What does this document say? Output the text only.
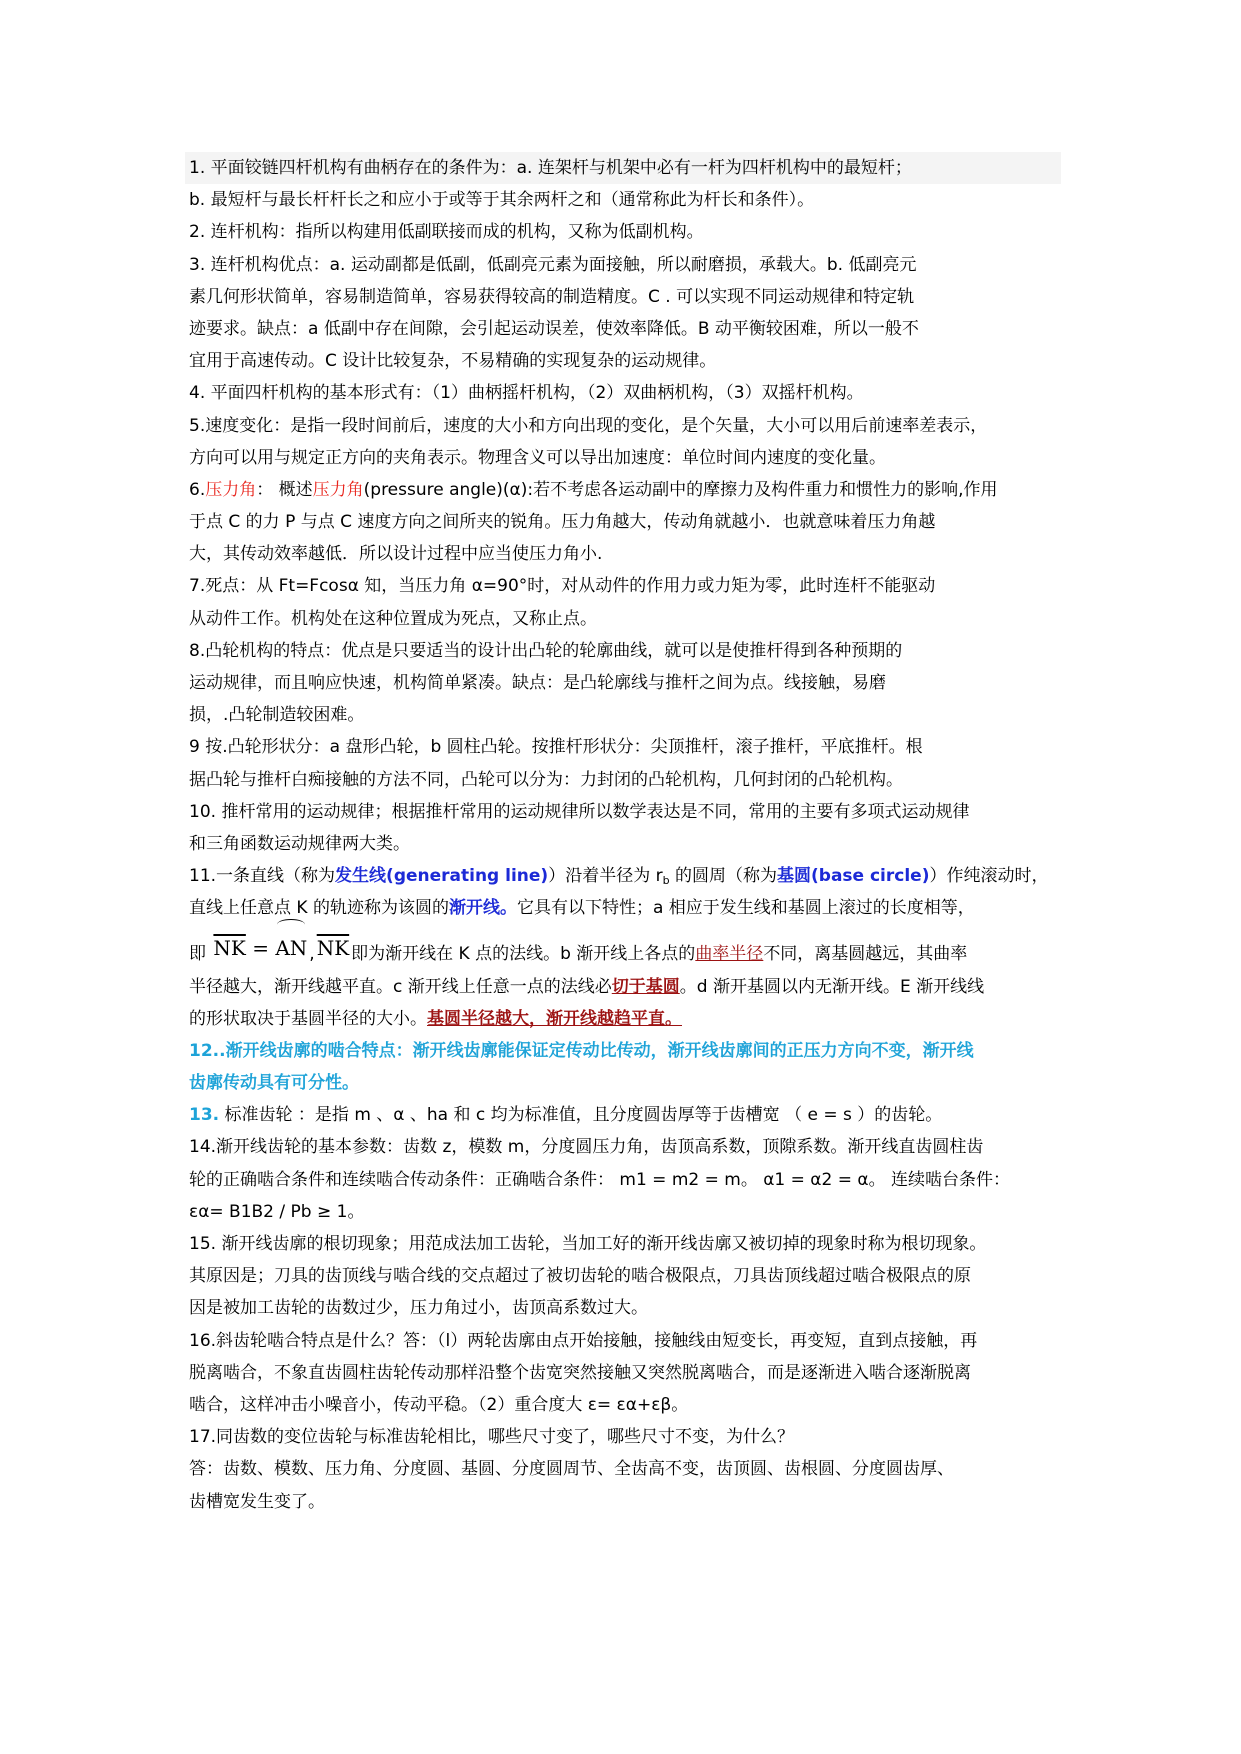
1. 平面铰链四杆机构有曲柄存在的条件为：a. 连架杆与机架中必有一杆为四杆机构中的最短杆；
b. 最短杆与最长杆杆长之和应小于或等于其余两杆之和（通常称此为杆长和条件）。
2. 连杆机构：指所以构建用低副联接而成的机构，又称为低副机构。
3. 连杆机构优点：a. 运动副都是低副，低副亮元素为面接触，所以耐磨损，承载大。b. 低副亮元
素几何形状简单，容易制造简单，容易获得较高的制造精度。C . 可以实现不同运动规律和特定轨
迹要求。缺点：a 低副中存在间隙，会引起运动误差，使效率降低。B 动平衡较困难，所以一般不
宜用于高速传动。C 设计比较复杂，不易精确的实现复杂的运动规律。
4. 平面四杆机构的基本形式有：（1）曲柄摇杆机构，（2）双曲柄机构，（3）双摇杆机构。
5.速度变化：是指一段时间前后，速度的大小和方向出现的变化，是个矢量，大小可以用后前速率差表示，
方向可以用与规定正方向的夹角表示。物理含义可以导出加速度：单位时间内速度的变化量。
6.压力角： 概述压力角(pressure angle)(α):若不考虑各运动副中的摩擦力及构件重力和惯性力的影响,作用
于点 C 的力 P 与点 C 速度方向之间所夹的锐角。压力角越大，传动角就越小．也就意味着压力角越
大，其传动效率越低．所以设计过程中应当使压力角小.
7.死点：从 Ft=Fcosα 知，当压力角 α=90°时，对从动件的作用力或力矩为零，此时连杆不能驱动
从动件工作。机构处在这种位置成为死点，又称止点。
8.凸轮机构的特点：优点是只要适当的设计出凸轮的轮廓曲线，就可以是使推杆得到各种预期的
运动规律，而且响应快速，机构简单紧凑。缺点：是凸轮廓线与推杆之间为点。线接触，易磨
损，.凸轮制造较困难。
9 按.凸轮形状分：a 盘形凸轮，b 圆柱凸轮。按推杆形状分：尖顶推杆，滚子推杆，平底推杆。根
据凸轮与推杆白痴接触的方法不同，凸轮可以分为：力封闭的凸轮机构，几何封闭的凸轮机构。
10. 推杆常用的运动规律；根据推杆常用的运动规律所以数学表达是不同，常用的主要有多项式运动规律
和三角函数运动规律两大类。
11.一条直线（称为发生线(generating line)）沿着半径为 $r_b$ 的圆周（称为基圆(base circle)）作纯滚动时，
直线上任意点 K 的轨迹称为该圆的渐开线。它具有以下特性；a 相应于发生线和基圆上滚过的长度相等，
即 $\overline{NK}$ = AN , $\overline{NK}$ 即为渐开线在 K 点的法线。b 渐开线上各点的曲率半径不同，离基圆越远，其曲率
半径越大，渐开线越平直。c 渐开线上任意一点的法线必切于基圆。d 渐开基圆以内无渐开线。E 渐开线线
的形状取决于基圆半径的大小。基圆半径越大，渐开线越趋平直。
12..渐开线齿廓的啮合特点：渐开线齿廓能保证定传动比传动，渐开线齿廓间的正压力方向不变，渐开线
齿廓传动具有可分性。
13. 标准齿轮 ：是指 m 、α 、ha 和 c 均为标准值，且分度圆齿厚等于齿槽宽 （ e = s ）的齿轮。
14.渐开线齿轮的基本参数：齿数 z，模数 m，分度圆压力角，齿顶高系数，顶隙系数。渐开线直齿圆柱齿
轮的正确啮合条件和连续啮合传动条件：正确啮合条件： m1 = m2 = m。 α1 = α2 = α。 连续啮台条件：
εα= B1B2 / Pb ≥ 1。
15. 渐开线齿廓的根切现象；用范成法加工齿轮，当加工好的渐开线齿廓又被切掉的现象时称为根切现象。
其原因是；刀具的齿顶线与啮合线的交点超过了被切齿轮的啮合极限点，刀具齿顶线超过啮合极限点的原
因是被加工齿轮的齿数过少，压力角过小，齿顶高系数过大。
16.斜齿轮啮合特点是什么？答：（l）两轮齿廓由点开始接触，接触线由短变长，再变短，直到点接触，再
脱离啮合，不象直齿圆柱齿轮传动那样沿整个齿宽突然接触又突然脱离啮合，而是逐渐进入啮合逐渐脱离
啮合，这样冲击小噪音小，传动平稳。（2）重合度大 ε= εα+εβ。
17.同齿数的变位齿轮与标准齿轮相比，哪些尺寸变了，哪些尺寸不变，为什么？
答：齿数、模数、压力角、分度圆、基圆、分度圆周节、全齿高不变，齿顶圆、齿根圆、分度圆齿厚、
齿槽宽发生变了。
